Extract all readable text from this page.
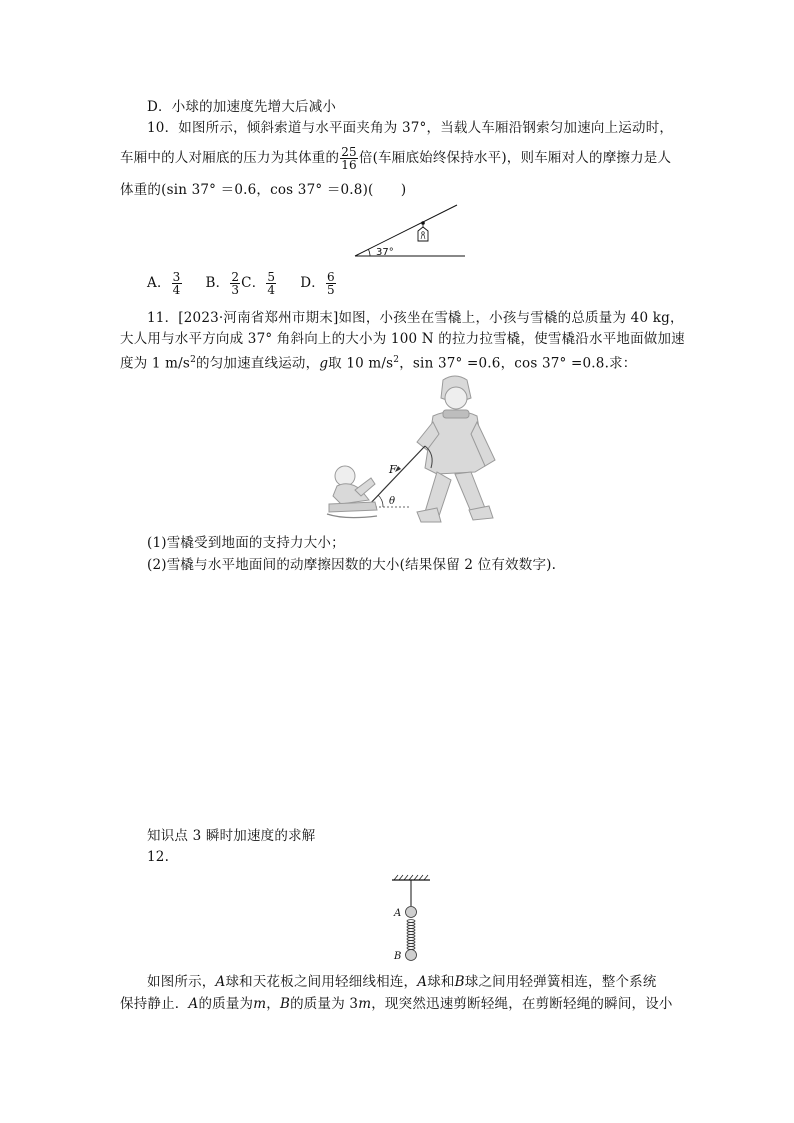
D．小球的加速度先增大后减小
10．如图所示，倾斜索道与水平面夹角为 37°，当载人车厢沿钢索匀加速向上运动时，
车厢中的人对厢底的压力为其体重的 $\frac{25}{16}$ 倍(车厢底始终保持水平)，则车厢对人的摩擦力是人
体重的(sin 37° ＝0.6，cos 37° ＝0.8)(　　)
37°
A． $\frac{3}{4}$ B． $\frac{2}{3}$ C． $\frac{5}{4}$ D． $\frac{6}{5}$
11．[2023·河南省郑州市期末]如图，小孩坐在雪橇上，小孩与雪橇的总质量为 40 kg，
大人用与水平方向成 37° 角斜向上的大小为 100 N 的拉力拉雪橇，使雪橇沿水平地面做加速
度为 1 $m/s^2$的匀加速直线运动，g取 10 $m/s^2$，sin 37° =0.6，cos 37° =0.8.求：
F
θ
(1)雪橇受到地面的支持力大小；
(2)雪橇与水平地面间的动摩擦因数的大小(结果保留 2 位有效数字).
知识点 3 瞬时加速度的求解
12.
A
B
如图所示，A球和天花板之间用轻细线相连，A球和B球之间用轻弹簧相连，整个系统
保持静止．A的质量为m，B的质量为 3m，现突然迅速剪断轻绳，在剪断轻绳的瞬间，设小
